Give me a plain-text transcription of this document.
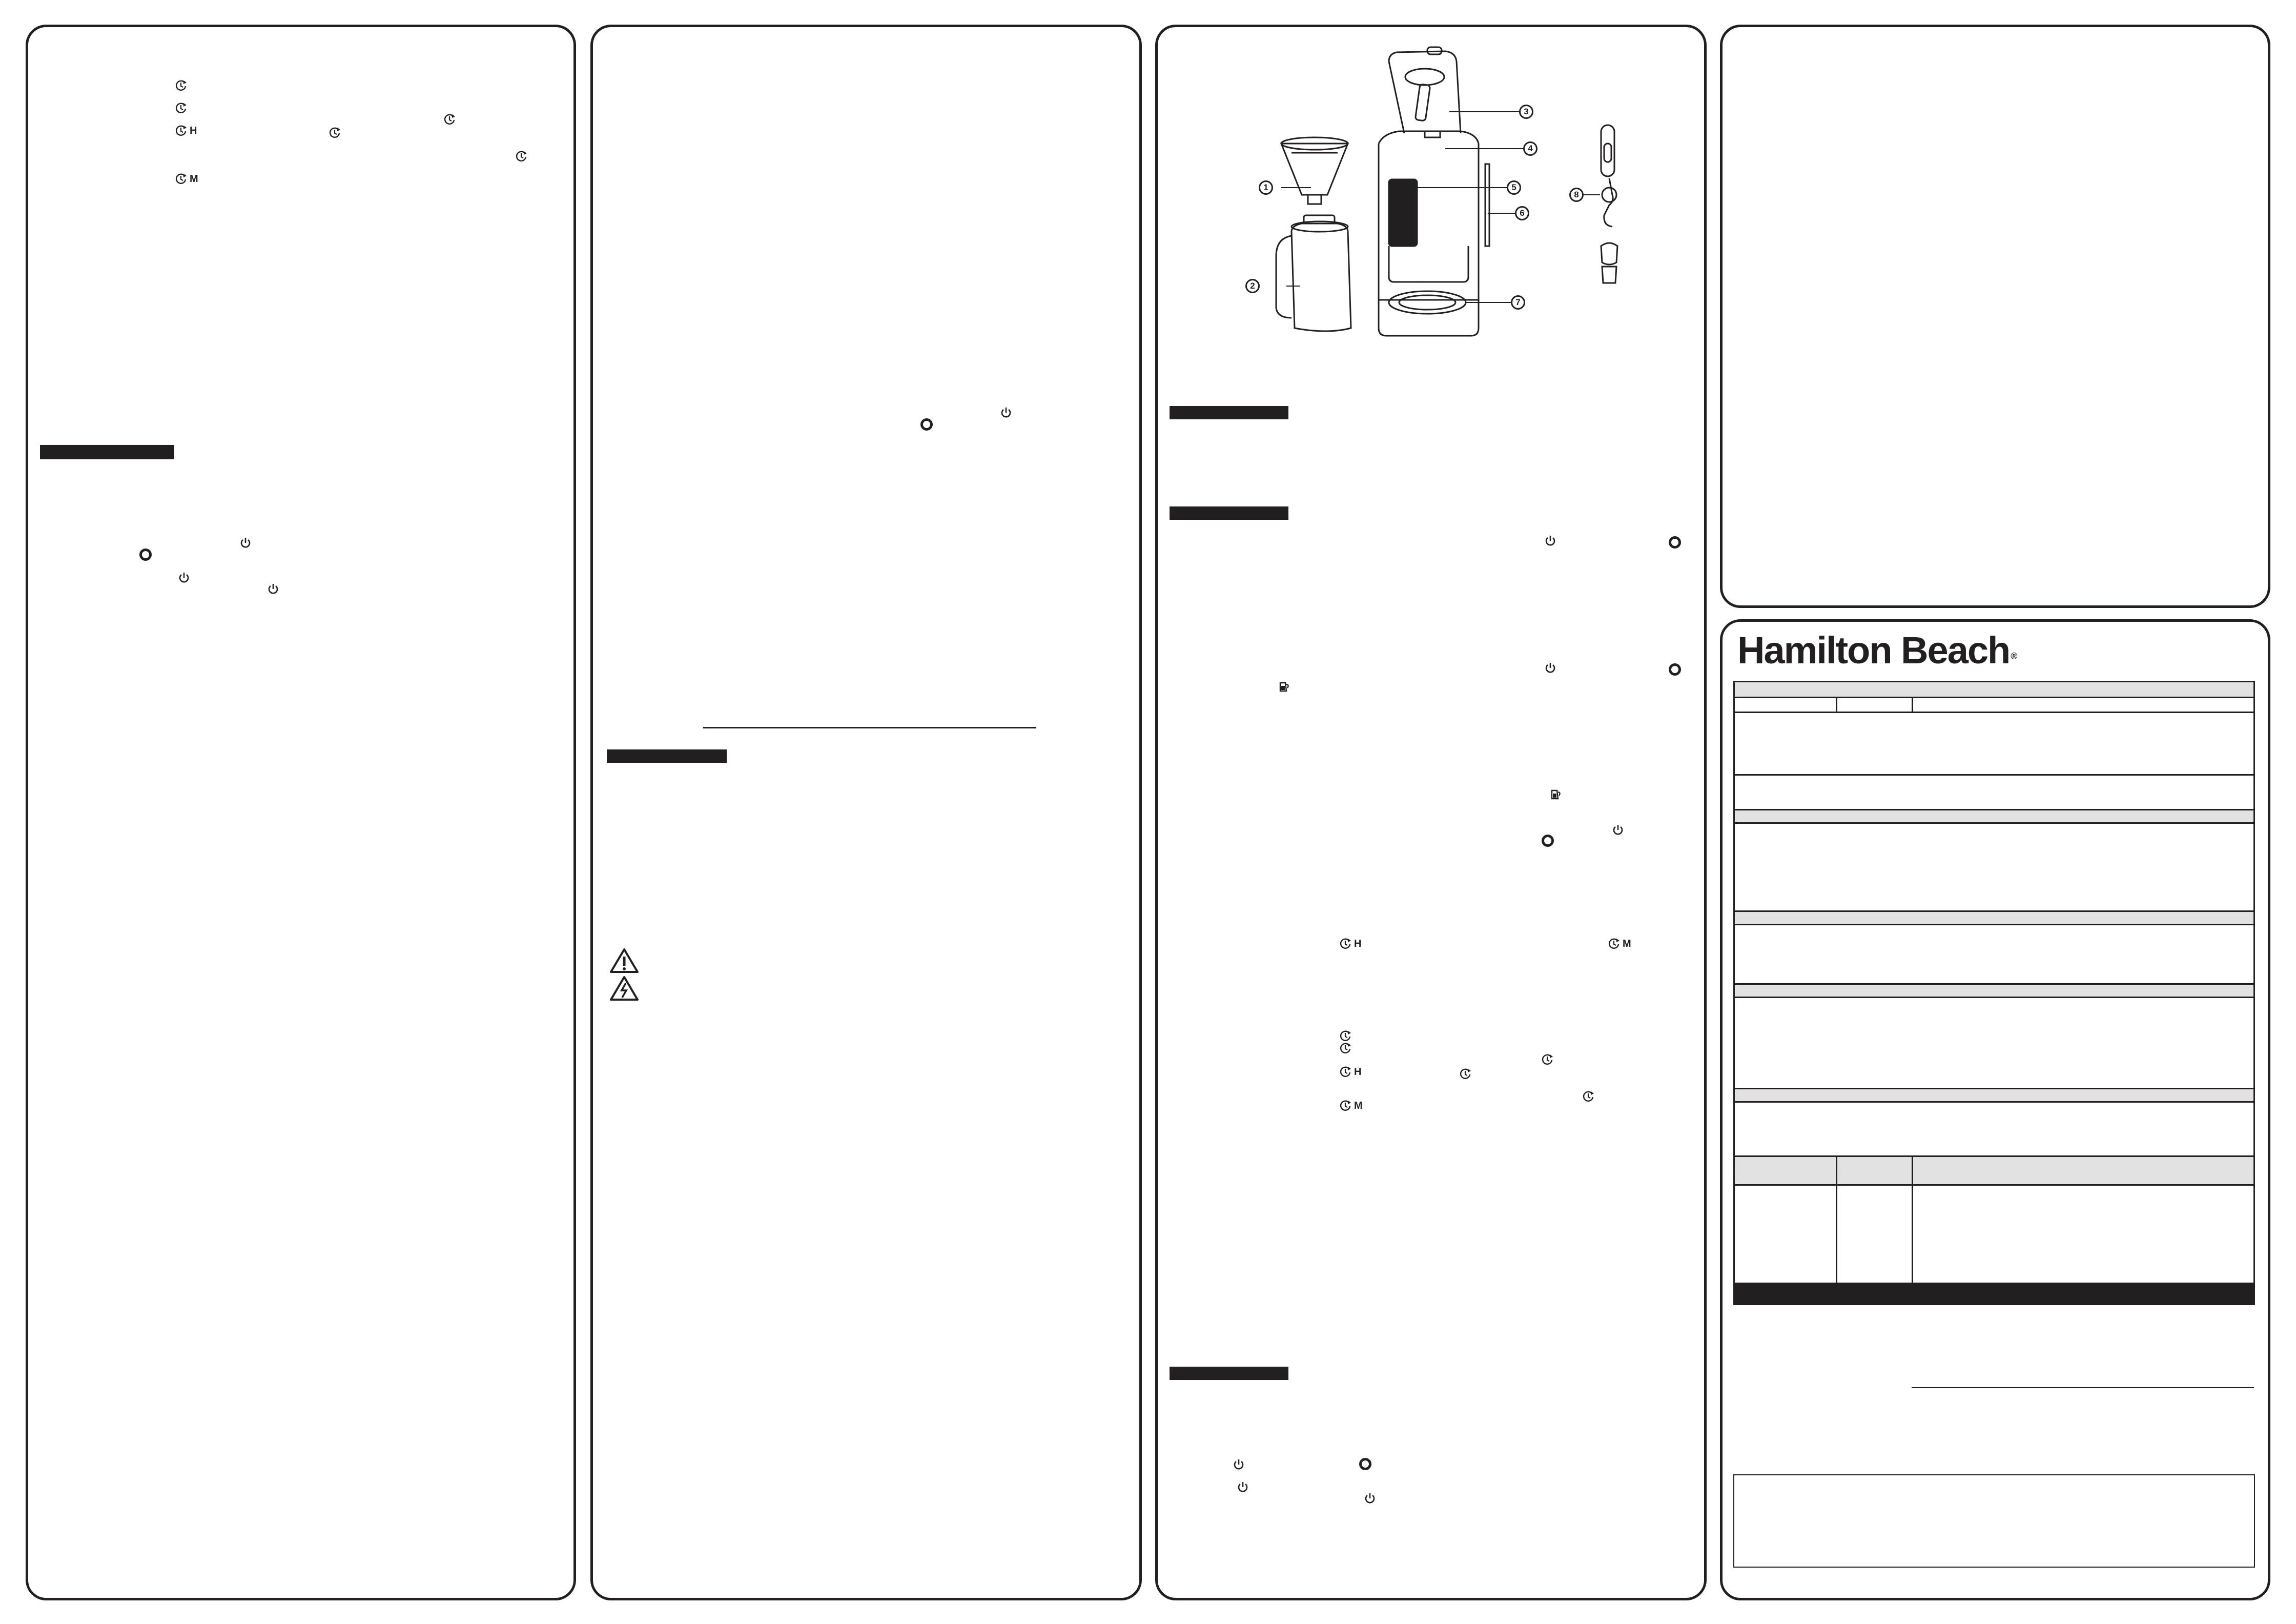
H
M
1
2
3
4
5
6
7
8
H	M
H
M
Hamilton Beach ®
